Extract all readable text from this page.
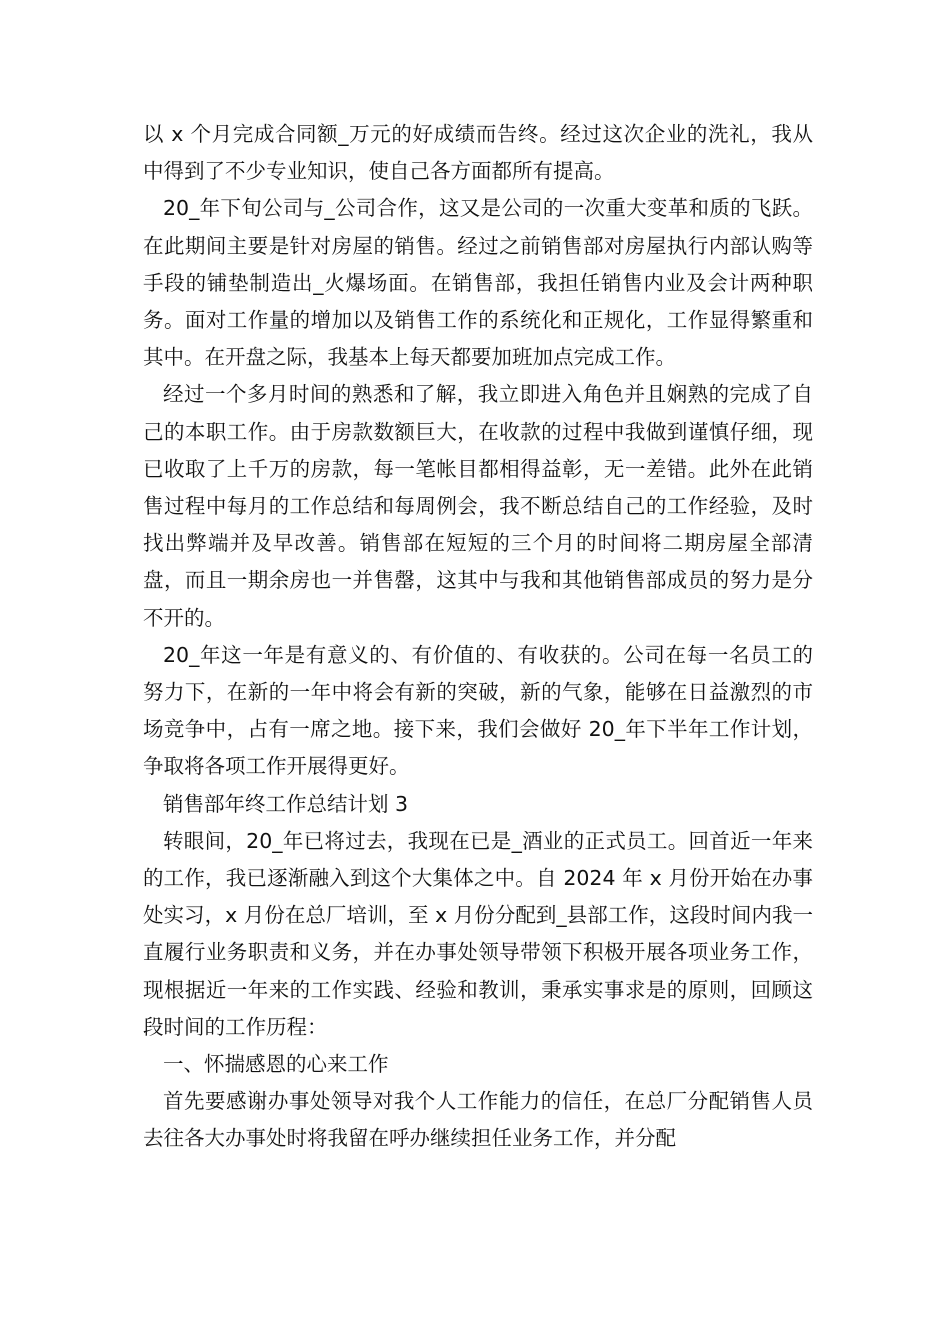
以 x 个月完成合同额_万元的好成绩而告终。经过这次企业的洗礼，我从中得到了不少专业知识，使自己各方面都所有提高。

20_年下旬公司与_公司合作，这又是公司的一次重大变革和质的飞跃。在此期间主要是针对房屋的销售。经过之前销售部对房屋执行内部认购等手段的铺垫制造出_火爆场面。在销售部，我担任销售内业及会计两种职务。面对工作量的增加以及销售工作的系统化和正规化，工作显得繁重和其中。在开盘之际，我基本上每天都要加班加点完成工作。

经过一个多月时间的熟悉和了解，我立即进入角色并且娴熟的完成了自己的本职工作。由于房款数额巨大，在收款的过程中我做到谨慎仔细，现已收取了上千万的房款，每一笔帐目都相得益彰，无一差错。此外在此销售过程中每月的工作总结和每周例会，我不断总结自己的工作经验，及时找出弊端并及早改善。销售部在短短的三个月的时间将二期房屋全部清盘，而且一期余房也一并售罄，这其中与我和其他销售部成员的努力是分不开的。

20_年这一年是有意义的、有价值的、有收获的。公司在每一名员工的努力下，在新的一年中将会有新的突破，新的气象，能够在日益激烈的市场竞争中，占有一席之地。接下来，我们会做好 20_年下半年工作计划，争取将各项工作开展得更好。

销售部年终工作总结计划 3

转眼间，20_年已将过去，我现在已是_酒业的正式员工。回首近一年来的工作，我已逐渐融入到这个大集体之中。自 2024 年 x 月份开始在办事处实习，x 月份在总厂培训，至 x 月份分配到_县部工作，这段时间内我一直履行业务职责和义务，并在办事处领导带领下积极开展各项业务工作，现根据近一年来的工作实践、经验和教训，秉承实事求是的原则，回顾这段时间的工作历程：

一、怀揣感恩的心来工作

首先要感谢办事处领导对我个人工作能力的信任，在总厂分配销售人员去往各大办事处时将我留在呼办继续担任业务工作，并分配
